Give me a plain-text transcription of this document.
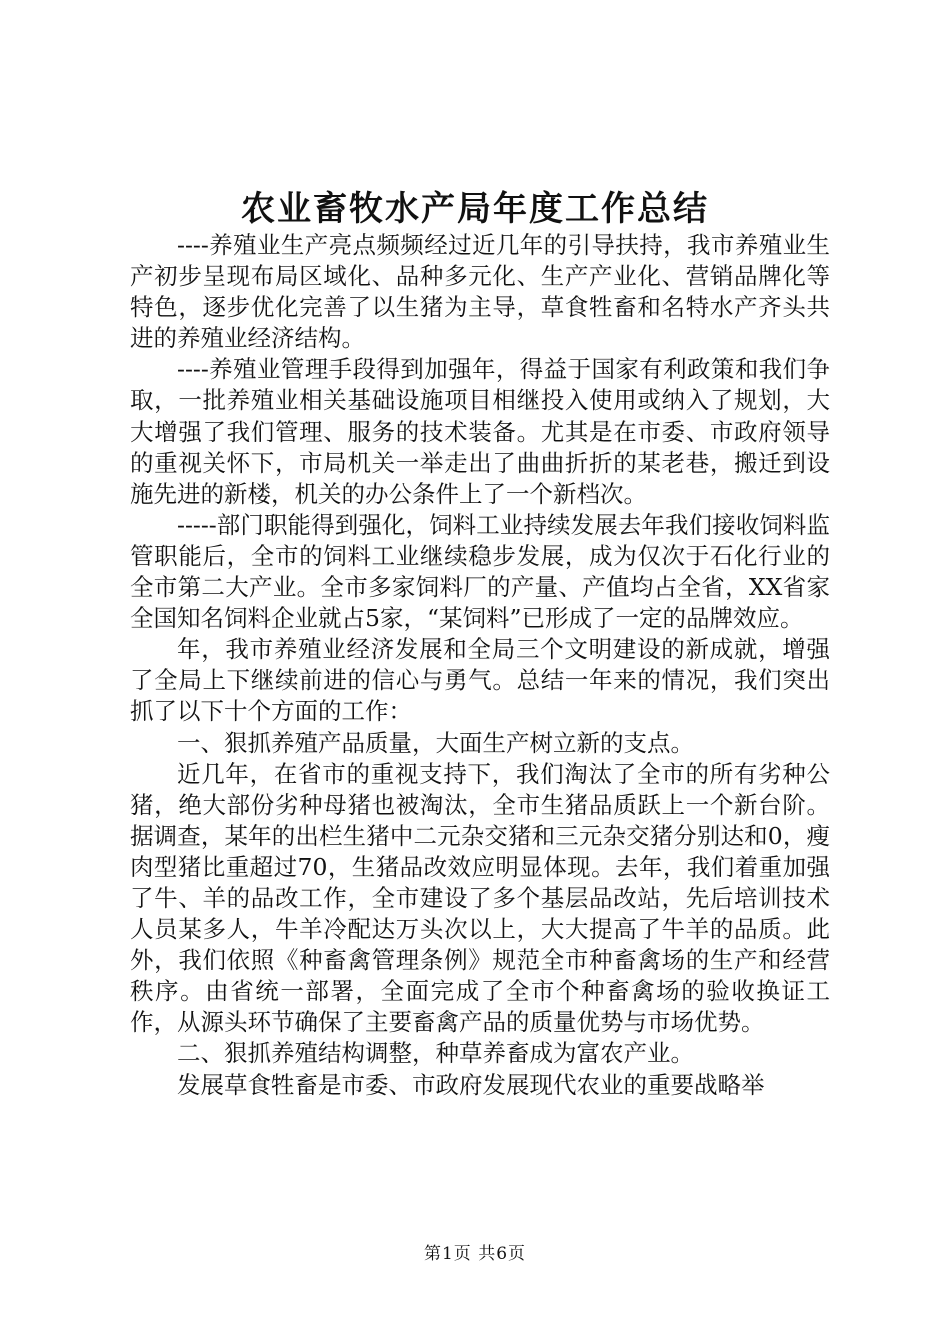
农业畜牧水产局年度工作总结

----养殖业生产亮点频频经过近几年的引导扶持，我市养殖业生产初步呈现布局区域化、品种多元化、生产产业化、营销品牌化等特色，逐步优化完善了以生猪为主导，草食牲畜和名特水产齐头共进的养殖业经济结构。

----养殖业管理手段得到加强年，得益于国家有利政策和我们争取，一批养殖业相关基础设施项目相继投入使用或纳入了规划，大大增强了我们管理、服务的技术装备。尤其是在市委、市政府领导的重视关怀下，市局机关一举走出了曲曲折折的某老巷，搬迁到设施先进的新楼，机关的办公条件上了一个新档次。

-----部门职能得到强化，饲料工业持续发展去年我们接收饲料监管职能后，全市的饲料工业继续稳步发展，成为仅次于石化行业的全市第二大产业。全市多家饲料厂的产量、产值均占全省，XX省家全国知名饲料企业就占5家，“某饲料”已形成了一定的品牌效应。

年，我市养殖业经济发展和全局三个文明建设的新成就，增强了全局上下继续前进的信心与勇气。总结一年来的情况，我们突出抓了以下十个方面的工作：

一、狠抓养殖产品质量，大面生产树立新的支点。

近几年，在省市的重视支持下，我们淘汰了全市的所有劣种公猪，绝大部份劣种母猪也被淘汰，全市生猪品质跃上一个新台阶。据调查，某年的出栏生猪中二元杂交猪和三元杂交猪分别达和0，瘦肉型猪比重超过70，生猪品改效应明显体现。去年，我们着重加强了牛、羊的品改工作，全市建设了多个基层品改站，先后培训技术人员某多人，牛羊冷配达万头次以上，大大提高了牛羊的品质。此外，我们依照《种畜禽管理条例》规范全市种畜禽场的生产和经营秩序。由省统一部署，全面完成了全市个种畜禽场的验收换证工作，从源头环节确保了主要畜禽产品的质量优势与市场优势。

二、狠抓养殖结构调整，种草养畜成为富农产业。

发展草食牲畜是市委、市政府发展现代农业的重要战略举

第1页 共6页
